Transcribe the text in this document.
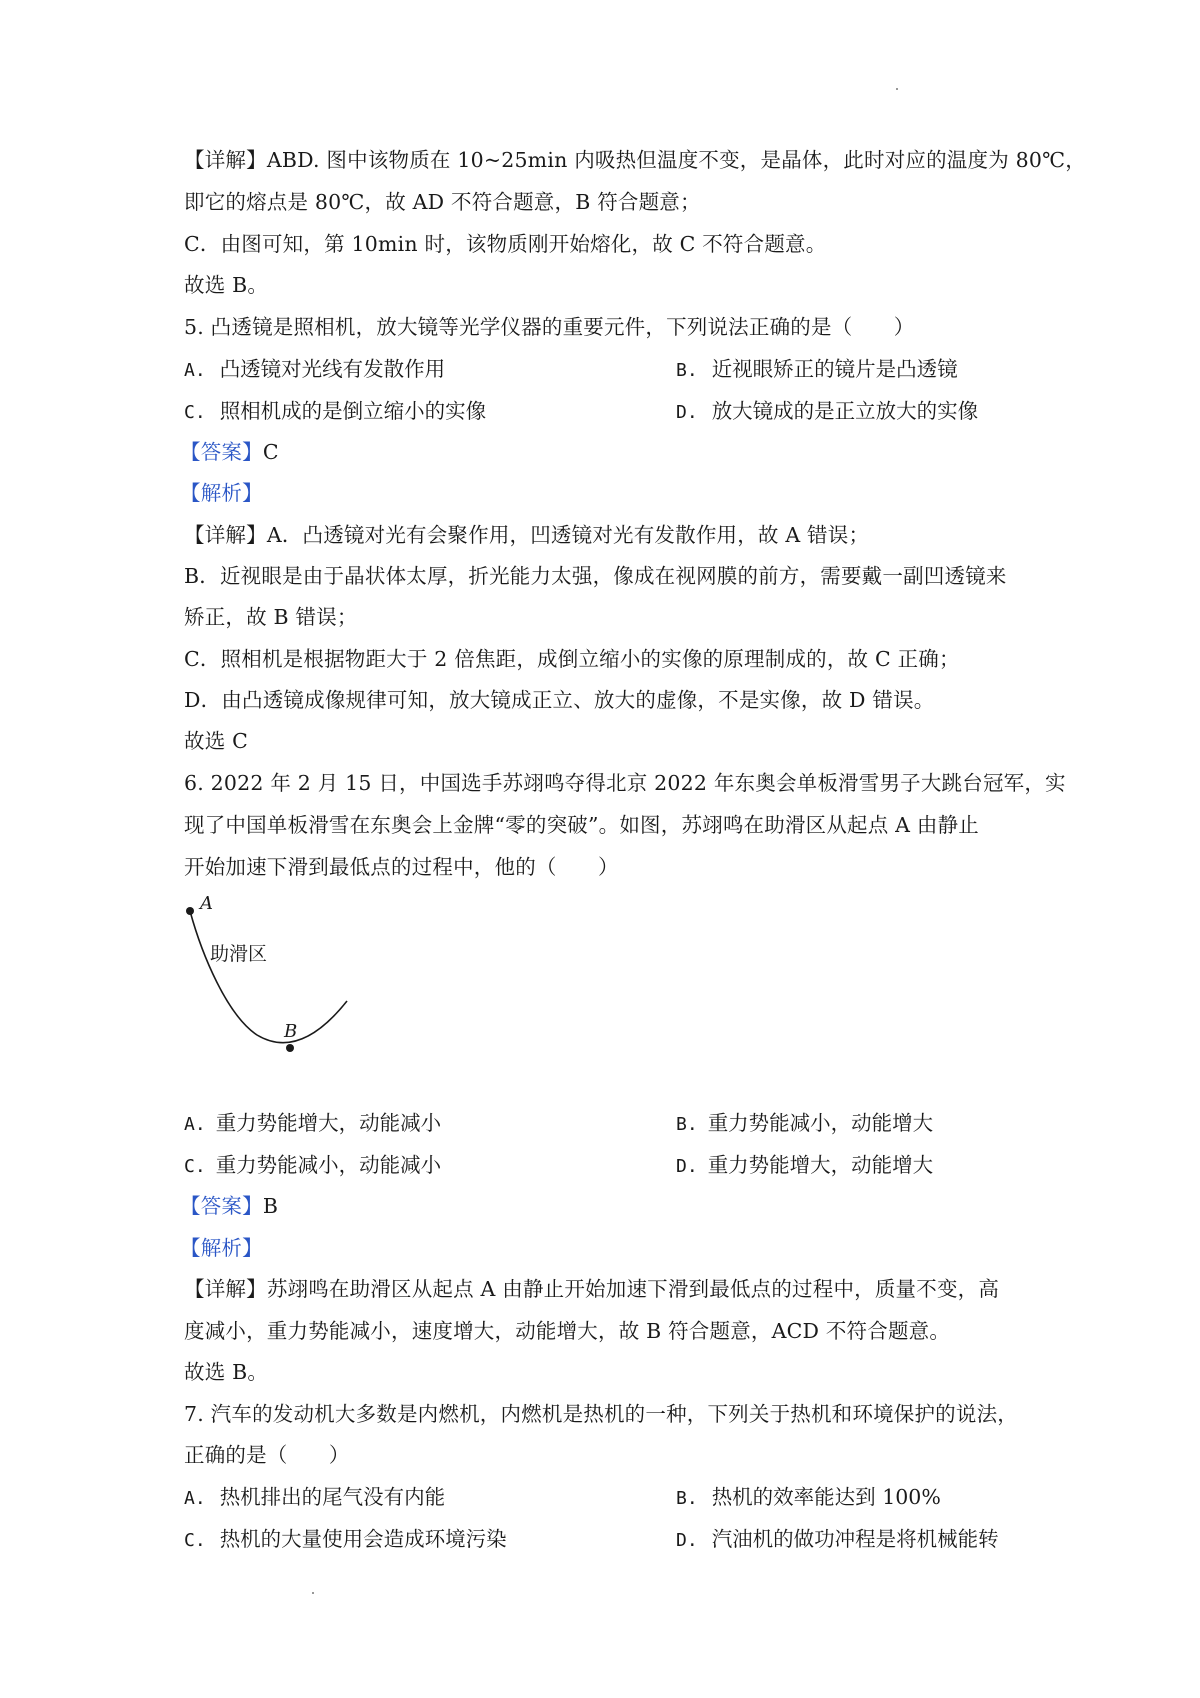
【详解】ABD. 图中该物质在 10~25min 内吸热但温度不变，是晶体，此时对应的温度为 80℃，
即它的熔点是 80℃，故 AD 不符合题意，B 符合题意；
C．由图可知，第 10min 时，该物质刚开始熔化，故 C 不符合题意。
故选 B。
5. 凸透镜是照相机，放大镜等光学仪器的重要元件，下列说法正确的是（　　）
A. 凸透镜对光线有发散作用	B. 近视眼矫正的镜片是凸透镜
C. 照相机成的是倒立缩小的实像	D. 放大镜成的是正立放大的实像
【答案】C
【解析】
【详解】A．凸透镜对光有会聚作用，凹透镜对光有发散作用，故 A 错误；
B．近视眼是由于晶状体太厚，折光能力太强，像成在视网膜的前方，需要戴一副凹透镜来
矫正，故 B 错误；
C．照相机是根据物距大于 2 倍焦距，成倒立缩小的实像的原理制成的，故 C 正确；
D．由凸透镜成像规律可知，放大镜成正立、放大的虚像，不是实像，故 D 错误。
故选 C
6. 2022 年 2 月 15 日，中国选手苏翊鸣夺得北京 2022 年东奥会单板滑雪男子大跳台冠军，实
现了中国单板滑雪在东奥会上金牌“零的突破”。如图，苏翊鸣在助滑区从起点 A 由静止
开始加速下滑到最低点的过程中，他的（　　）
A
B
助滑区
A. 重力势能增大，动能减小	B. 重力势能减小，动能增大
C. 重力势能减小，动能减小	D. 重力势能增大，动能增大
【答案】B
【解析】
【详解】苏翊鸣在助滑区从起点 A 由静止开始加速下滑到最低点的过程中，质量不变，高
度减小，重力势能减小，速度增大，动能增大，故 B 符合题意，ACD 不符合题意。
故选 B。
7. 汽车的发动机大多数是内燃机，内燃机是热机的一种，下列关于热机和环境保护的说法，
正确的是（　　）
A. 热机排出的尾气没有内能	B. 热机的效率能达到 100%
C. 热机的大量使用会造成环境污染	D. 汽油机的做功冲程是将机械能转
